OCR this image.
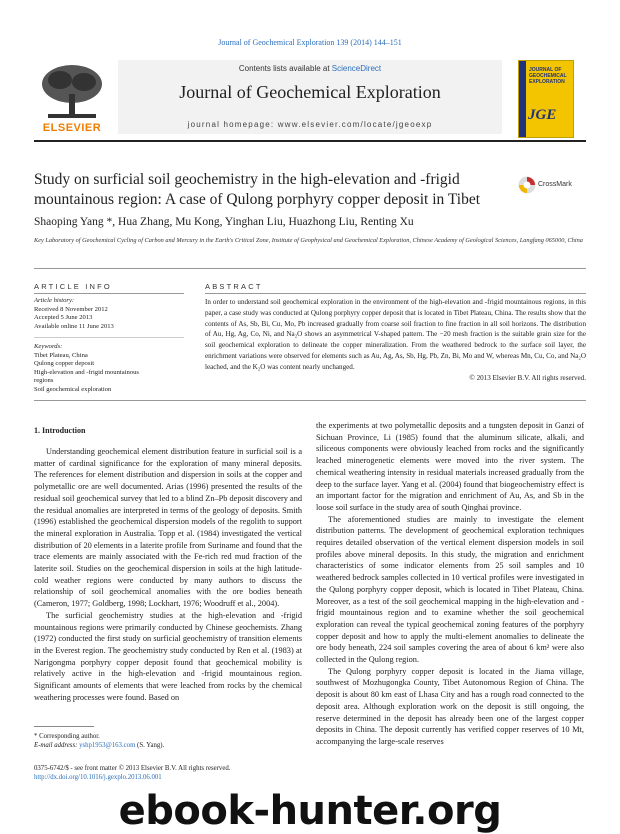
Journal of Geochemical Exploration 139 (2014) 144–151
Contents lists available at ScienceDirect
Journal of Geochemical Exploration
journal homepage: www.elsevier.com/locate/jgeoexp
ELSEVIER
JOURNAL OF GEOCHEMICAL EXPLORATION
JGE
Study on surficial soil geochemistry in the high-elevation and -frigid mountainous region: A case of Qulong porphyry copper deposit in Tibet
CrossMark
Shaoping Yang *, Hua Zhang, Mu Kong, Yinghan Liu, Huazhong Liu, Renting Xu
Key Laboratory of Geochemical Cycling of Carbon and Mercury in the Earth's Critical Zone, Institute of Geophysical and Geochemical Exploration, Chinese Academy of Geological Sciences, Langfang 065000, China
ARTICLE INFO	ABSTRACT
Article history:
Received 8 November 2012
Accepted 5 June 2013
Available online 11 June 2013
Keywords:
Tibet Plateau, China
Qulong copper deposit
High-elevation and -frigid mountainous
regions
Soil geochemical exploration
In order to understand soil geochemical exploration in the environment of the high-elevation and -frigid mountainous regions, in this paper, a case study was conducted at Qulong porphyry copper deposit that is located in Tibet Plateau, China. The results show that the contents of As, Sb, Bi, Cu, Mo, Pb increased gradually from coarse soil fraction to fine fraction in all soil horizons. The distribution of Au, Hg, Ag, Co, Ni, and Na₂O shows an asymmetrical V-shaped pattern. The −20 mesh fraction is the suitable grain size for the soil geochemical exploration to delineate the copper mineralization. From the weathered bedrock to the surface soil layer, the enrichment variations were observed for elements such as Au, Ag, As, Sb, Hg, Pb, Zn, Bi, Mo and W, whereas Mn, Cu, Co, and Na₂O leached, and the K₂O was content nearly unchanged.
© 2013 Elsevier B.V. All rights reserved.
1. Introduction

Understanding geochemical element distribution feature in surficial soil is a matter of cardinal significance for the exploration of many mineral deposits. The references for element distribution and dispersion in soils at the copper and polymetallic ore are well documented. Arias (1996) presented the results of the residual soil geochemical survey that led to a blind Zn–Pb deposit discovery and the residual anomalies are interpreted in terms of the geology of deposits. Smith (1996) established the geochemical dispersion models of the regolith to support the mineral exploration in Australia. Topp et al. (1984) investigated the vertical distribution of 20 elements in a laterite profile from Suriname and found that the trace elements are mainly associated with the Fe-rich red mud fraction of the laterite soil. Studies on the geochemical dispersion in soils at the high latitude-cold weather regions were conducted by many authors to discuss the relationship of soil geochemical anomalies with the ore bodies beneath (Cameron, 1977; Goldberg, 1998; Lockhart, 1976; Woodruff et al., 2004).

The surficial geochemistry studies at the high-elevation and -frigid mountainous regions were primarily conducted by Chinese geochemists. Zhang (1972) conducted the first study on surficial geochemistry of transition elements in the Everest region. The geochemistry study conducted by Ren et al. (1983) at Narigongma porphyry copper deposit found that geochemical mobility is relatively active in the high-elevation and -frigid mountainous region. Significant amounts of elements that were leached from rocks by the chemical weathering processes were found. Based on

the experiments at two polymetallic deposits and a tungsten deposit in Ganzi of Sichuan Province, Li (1985) found that the aluminum silicate, alkali, and siliceous components were obviously leached from rocks and the significantly leached minerogenetic elements were moved into the river system. The chemical weathering intensity in residual materials increased gradually from the deep to the surface layer. Yang et al. (2004) found that biogeochemistry effect is an important factor for the migration and enrichment of Au, As, and Sb in the loose soil surface in the study area of south Qinghai province.

The aforementioned studies are mainly to investigate the element distribution patterns. The development of geochemical exploration techniques requires detailed observation of the vertical element dispersion models in soil profiles above mineral deposits. In this study, the migration and enrichment characteristics of some indicator elements from 25 soil samples and 10 weathered bedrock samples collected in 10 vertical profiles were investigated in the Qulong porphyry copper deposit, which is located in Tibet Plateau, China. Moreover, as a test of the soil geochemical mapping in the high-elevation and -frigid mountainous region and to examine whether the soil geochemical exploration can reveal the typical geochemical zoning features of the porphyry copper deposit and how to apply the multi-element anomalies to delineate the ore body beneath, 224 soil samples covering the area of about 6 km² were also collected in the Qulong region.

The Qulong porphyry copper deposit is located in the Jiama village, southwest of Mozhugongka County, Tibet Autonomous Region of China. The deposit is about 80 km east of Lhasa City and has a rough road connected to the deposit area. Although exploration work on the deposit is still ongoing, the reserve determined in the deposit has already been one of the largest copper deposits in China. The deposit currently has verified copper reserves of 10 Mt, accompanying the large-scale reserves

* Corresponding author.
E-mail address: yshp1953@163.com (S. Yang).
0375-6742/$ - see front matter © 2013 Elsevier B.V. All rights reserved.
http://dx.doi.org/10.1016/j.gexplo.2013.06.001
ebook-hunter.org
